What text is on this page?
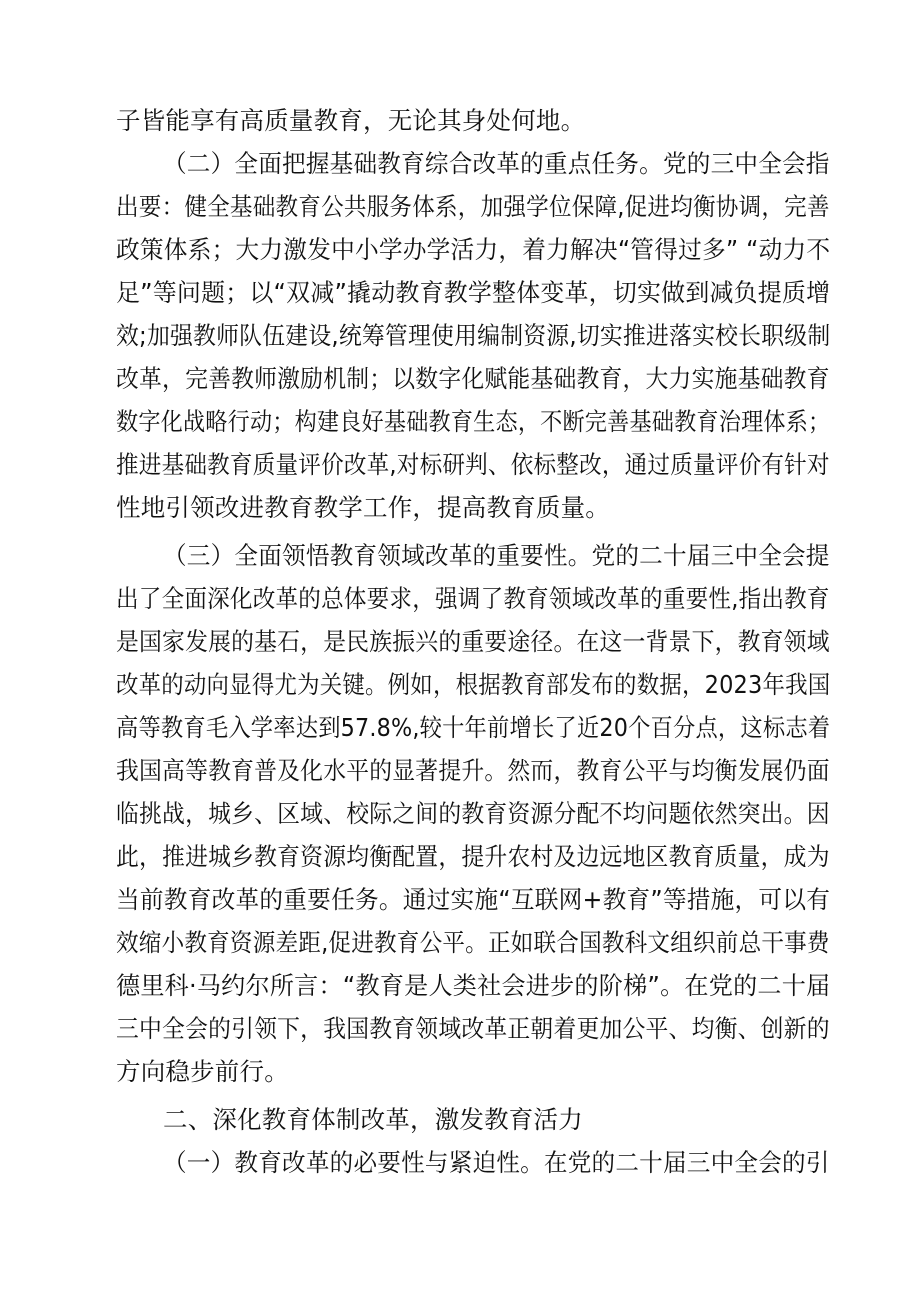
子皆能享有高质量教育，无论其身处何地。
（二）全面把握基础教育综合改革的重点任务。党的三中全会指
出要：健全基础教育公共服务体系，加强学位保障,促进均衡协调，完善
政策体系；大力激发中小学办学活力，着力解决“管得过多” “动力不
足”等问题；以“双减”撬动教育教学整体变革，切实做到减负提质增
效;加强教师队伍建设,统筹管理使用编制资源,切实推进落实校长职级制
改革，完善教师激励机制；以数字化赋能基础教育，大力实施基础教育
数字化战略行动；构建良好基础教育生态，不断完善基础教育治理体系；
推进基础教育质量评价改革,对标研判、依标整改，通过质量评价有针对
性地引领改进教育教学工作，提高教育质量。
（三）全面领悟教育领域改革的重要性。党的二十届三中全会提
出了全面深化改革的总体要求，强调了教育领域改革的重要性,指出教育
是国家发展的基石，是民族振兴的重要途径。在这一背景下，教育领域
改革的动向显得尤为关键。例如，根据教育部发布的数据，2023年我国
高等教育毛入学率达到57.8%,较十年前增长了近20个百分点，这标志着
我国高等教育普及化水平的显著提升。然而，教育公平与均衡发展仍面
临挑战，城乡、区域、校际之间的教育资源分配不均问题依然突出。因
此，推进城乡教育资源均衡配置，提升农村及边远地区教育质量，成为
当前教育改革的重要任务。通过实施“互联网+教育”等措施，可以有
效缩小教育资源差距,促进教育公平。正如联合国教科文组织前总干事费
德里科·马约尔所言：“教育是人类社会进步的阶梯”。在党的二十届
三中全会的引领下，我国教育领域改革正朝着更加公平、均衡、创新的
方向稳步前行。
二、深化教育体制改革，激发教育活力
（一）教育改革的必要性与紧迫性。在党的二十届三中全会的引
